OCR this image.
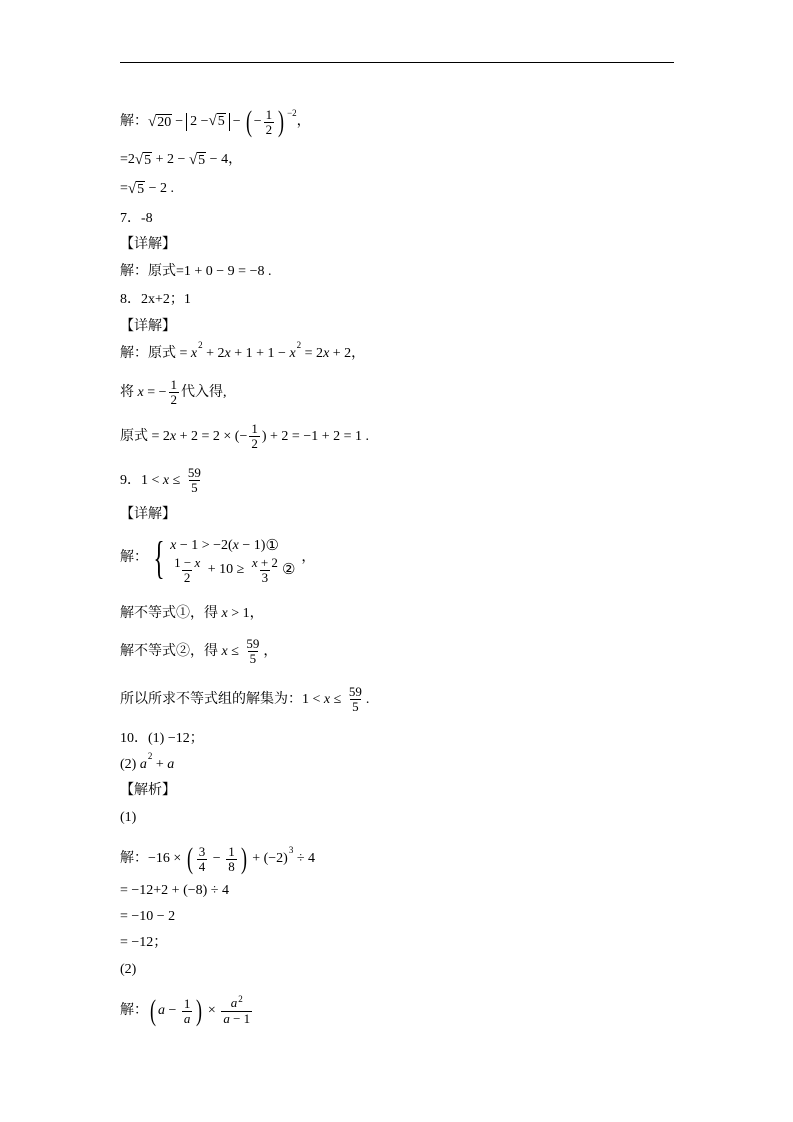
解： √ 20 − 2 − √ 5 − ( − $\frac{1}{2}$ ) −2
，
= 2 √ 5 + 2 − √ 5 − 4，
= √ 5 − 2 .
7．-8
【详解】
解：原式=1 + 0 − 9 = −8 .
8．2x+2；1
【详解】
解：原式 = x
2
+ 2 x + 1 + 1 − x
2
= 2 x + 2，
将 x = − $\frac{1}{2}$ 代入得,
原式 = 2 x + 2 = 2 × (− $\frac{1}{2}$ ) + 2 = −1 + 2 = 1 .
9．$1 < x \le \frac{59}{5}$
【详解】
解： { x − 1 > −2( x − 1) ①
$\frac{1 - x}{2} + 10 \ge \frac{x + 2}{3}$ ②
，
解不等式①，得 x > 1，
解不等式②，得 $x \le \frac{59}{5}$ ，
所以所求不等式组的解集为：$1 < x \le \frac{59}{5}$ .
10．(1) −12；
(2) a
2
+ a
【解析】
(1)
解：−16 × ( $\frac{3}{4} - \frac{1}{8}$ ) + (−2)
3
÷ 4
= −12+2 + (−8) ÷ 4
= −10 − 2
= −12；
(2)
解： ( $a - \frac{1}{a}$ ) × $\frac{a^2}{a - 1}$
